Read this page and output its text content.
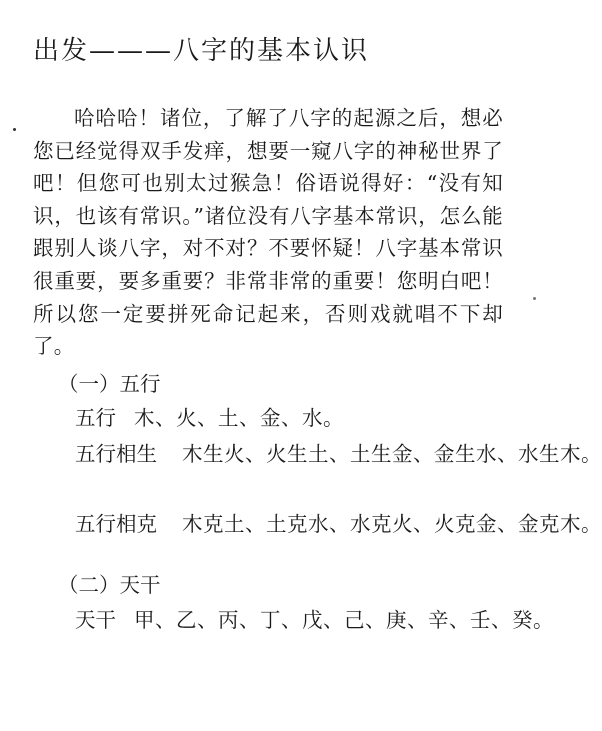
出发———八字的基本认识
哈哈哈！诸位，了解了八字的起源之后，想必您已经觉得双手发痒，想要一窥八字的神秘世界了吧！但您可也别太过猴急！俗语说得好：“没有知识，也该有常识。”诸位没有八字基本常识，怎么能跟别人谈八字，对不对？不要怀疑！八字基本常识很重要，要多重要？非常非常的重要！您明白吧！所以您一定要拼死命记起来，否则戏就唱不下却了。
（一）五行
五行 木、火、土、金、水。
五行相生 木生火、火生土、土生金、金生水、水生木。
五行相克 木克土、土克水、水克火、火克金、金克木。
（二）天干
天干 甲、乙、丙、丁、戊、己、庚、辛、壬、癸。
